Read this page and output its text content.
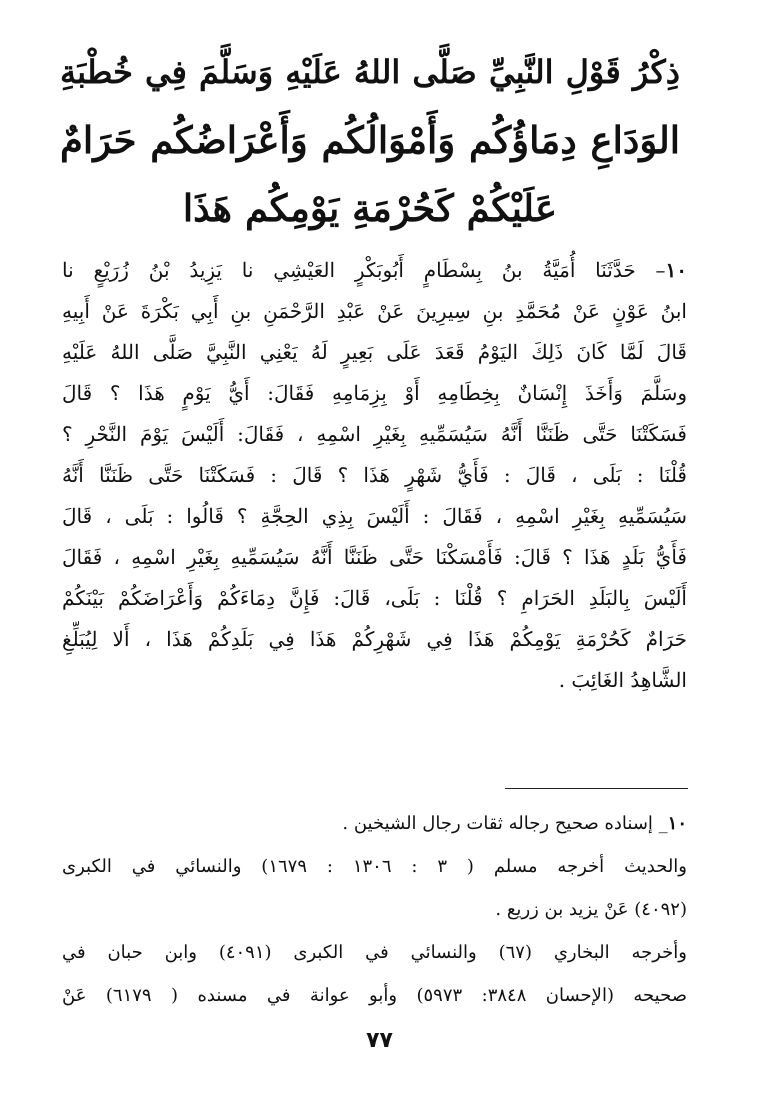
ذِكْرُ قَوْلِ النَّبِيِّ صَلَّى اللهُ عَلَيْهِ وَسَلَّمَ فِي خُطْبَةِ
الوَدَاعِ دِمَاؤُكُم وَأَمْوَالُكُم وَأَعْرَاضُكُم حَرَامٌ
عَلَيْكُمْ كَحُرْمَةِ يَوْمِكُم هَذَا
١٠– حَدَّثَنَا أُمَيَّةُ بنُ بِسْطَامٍ أَبُوبَكْرٍ العَيْشِي نا يَزِيدُ بْنُ زُرَيْعٍ نا
ابنُ عَوْنٍ عَنْ مُحَمَّدِ بنِ سِيرِينَ عَنْ عَبْدِ الرَّحْمَنِ بنِ أَبِي بَكْرَةَ عَنْ أَبِيهِ
قَالَ لَمَّا كَانَ ذَلِكَ اليَوْمُ قَعَدَ عَلَى بَعِيرٍ لَهُ يَعْنِي النَّبِيَّ صَلَّى اللهُ عَلَيْهِ
وسَلَّمَ وَأَخَذَ إِنْسَانٌ بِخِطَامِهِ أَوْ بِزِمَامِهِ فَقَالَ: أَيُّ يَوْمٍ هَذَا ؟ قَالَ
فَسَكَتْنَا حَتَّى ظَنَنَّا أَنَّهُ سَيُسَمِّيهِ بِغَيْرِ اسْمِهِ ، فَقَالَ: أَلَيْسَ يَوْمَ النَّحْرِ ؟
قُلْنَا : بَلَى ، قَالَ : فَأَيُّ شَهْرٍ هَذَا ؟ قَالَ : فَسَكَتْنَا حَتَّى ظَنَنَّا أَنَّهُ
سَيُسَمِّيهِ بِغَيْرِ اسْمِهِ ، فَقَالَ : أَلَيْسَ بِذِي الحِجَّةِ ؟ قَالُوا : بَلَى ، قَالَ
فَأَيُّ بَلَدٍ هَذَا ؟ قَالَ: فَأَمْسَكْنَا حَتَّى ظَنَنَّا أَنَّهُ سَيُسَمِّيهِ بِغَيْرِ اسْمِهِ ، فَقَالَ
أَلَيْسَ بِالبَلَدِ الحَرَامِ ؟ قُلْنَا : بَلَى، قَالَ: فَإِنَّ دِمَاءَكُمْ وَأَعْرَاضَكُمْ بَيْنَكُمْ
حَرَامٌ كَحُرْمَةِ يَوْمِكُمْ هَذَا فِي شَهْرِكُمْ هَذَا فِي بَلَدِكُمْ هَذَا ، أَلا لِيُبَلِّغِ
الشَّاهِدُ الغَائِبَ .
١٠_ إسناده صحيح رجاله ثقات رجال الشيخين .
والحديث أخرجه مسلم ( ٣ : ١٣٠٦ : ١٦٧٩) والنسائي في الكبرى
(٤٠٩٢) عَنْ يزيد بن زريع .
وأخرجه البخاري (٦٧) والنسائي في الكبرى (٤٠٩١) وابن حبان في
صحيحه (الإحسان ٣٨٤٨: ٥٩٧٣) وأبو عوانة في مسنده ( ٦١٧٩) عَنْ
٧٧
